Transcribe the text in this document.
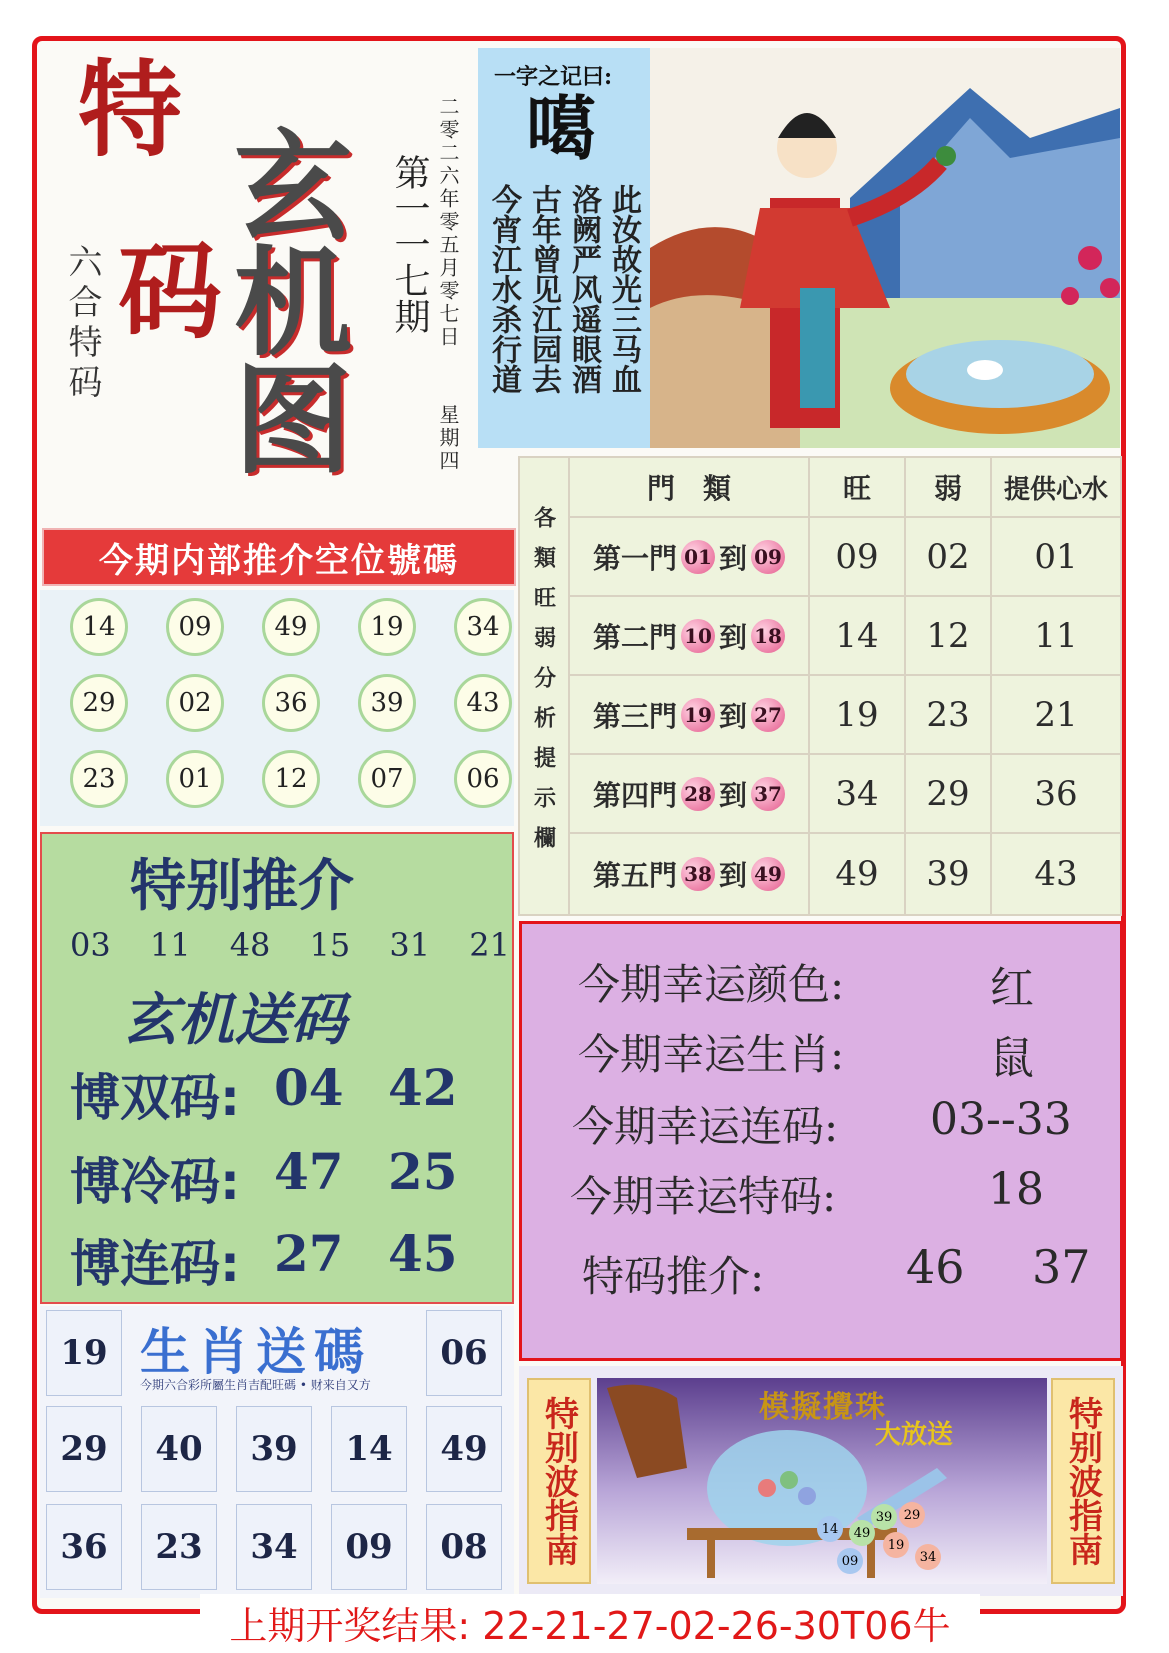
特
码
六合特码
玄
机
图
第一一七期 二零二六年零五月零七日
星期四
一字之记曰:
噶
此汝故光三马血
洛阙严风遥眼酒
古年曾见江园去
今宵江水杀行道
各類旺弱分析提示欄
門　類	旺	弱	提供心水
第一門 01 到 09	09	02	01
第二門 10 到 18	14	12	11
第三門 19 到 27	19	23	21
第四門 28 到 37	34	29	36
第五門 38 到 49	49	39	43
今期内部推介空位號碼
14	09	49	19	34
29	02	36	39	43
23	01	12	07	06
特别推介
03 11 48 15 31 21
玄机送码
博双码: 04 42
博冷码: 47 25
博连码: 27 45
今期幸运颜色:	红
今期幸运生肖:	鼠
今期幸运连码: 03--33
今期幸运特码:	18
特码推介:	46 37
19 生肖送碼
今期六合彩所屬生肖吉配旺碼 • 财来自又方
06
29	40	39	14	49
36	23	34	09	08	特别波指南	特别波指南
模擬攪珠
大放送
14	49
39 29
19
09	34
上期开奖结果: 22-21-27-02-26-30T06牛
